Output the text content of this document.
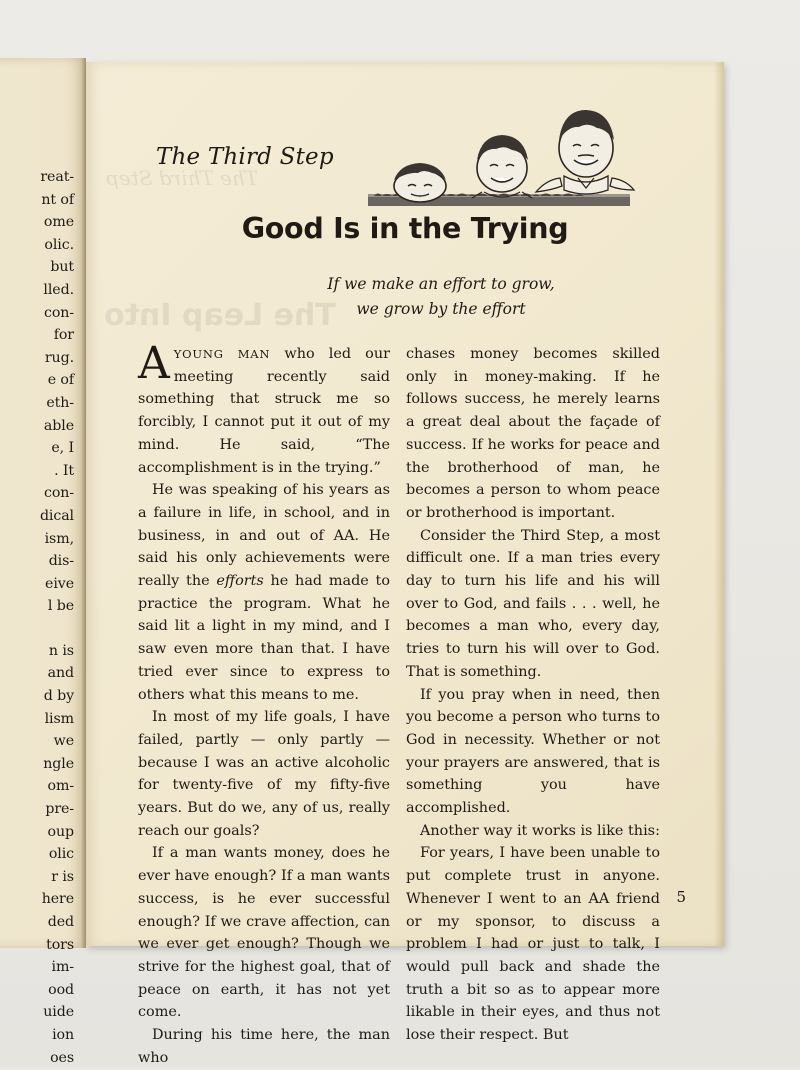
reat-
nt of
ome
olic.
but
lled.
con-
for
rug.
e of
eth-
able
e, I
. It
con-
dical
ism,
dis-
eive
l be
n is
and
d by
lism
we
ngle
om-
pre-
oup
olic
r is
here
ded
tors
im-
ood
uide
ion
oes
The Third Step
The Leap Into
The Third Step
Good Is in the Trying
If we make an effort to grow,
we grow by the effort

AYOUNG MAN who led our meeting recently said something that struck me so forcibly, I cannot put it out of my mind. He said, “The accomplishment is in the trying.”

He was speaking of his years as a failure in life, in school, and in business, in and out of AA. He said his only achievements were really the efforts he had made to practice the program. What he said lit a light in my mind, and I saw even more than that. I have tried ever since to express to others what this means to me.

In most of my life goals, I have failed, partly — only partly — because I was an active alcoholic for twenty-five of my fifty-five years. But do we, any of us, really reach our goals?

If a man wants money, does he ever have enough? If a man wants success, is he ever successful enough? If we crave affection, can we ever get enough? Though we strive for the highest goal, that of peace on earth, it has not yet come.

During his time here, the man who

chases money becomes skilled only in money-making. If he follows success, he merely learns a great deal about the façade of success. If he works for peace and the brotherhood of man, he becomes a person to whom peace or brotherhood is important.

Consider the Third Step, a most difficult one. If a man tries every day to turn his life and his will over to God, and fails . . . well, he becomes a man who, every day, tries to turn his will over to God. That is something.

If you pray when in need, then you become a person who turns to God in necessity. Whether or not your prayers are answered, that is something you have accomplished.

Another way it works is like this:

For years, I have been unable to put complete trust in anyone. Whenever I went to an AA friend or my sponsor, to discuss a problem I had or just to talk, I would pull back and shade the truth a bit so as to appear more likable in their eyes, and thus not lose their respect. But

5
